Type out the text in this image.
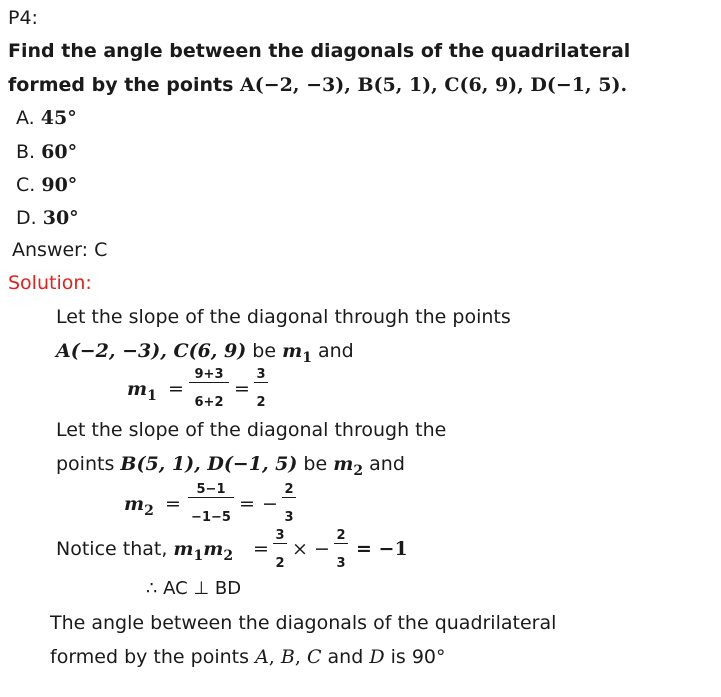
P4:
Find the angle between the diagonals of the quadrilateral
formed by the points A(−2, −3), B(5, 1), C(6, 9), D(−1, 5).
A. 45°
B. 60°
C. 90°
D. 30°
Answer: C
Solution:
Let the slope of the diagonal through the points
A(−2, −3), C(6, 9) be $m_1$ and
$m_1$ =
9+3
6+2
=
3
2
Let the slope of the diagonal through the
points B(5, 1), D(−1, 5) be $m_2$ and
$m_2$ =
5−1
−1−5
= −
2
3
Notice that, $m_1m_2$ =
3
2
× −
2
3
= −1
∴ AC ⊥ BD
The angle between the diagonals of the quadrilateral
formed by the points A, B, C and D is 90°
